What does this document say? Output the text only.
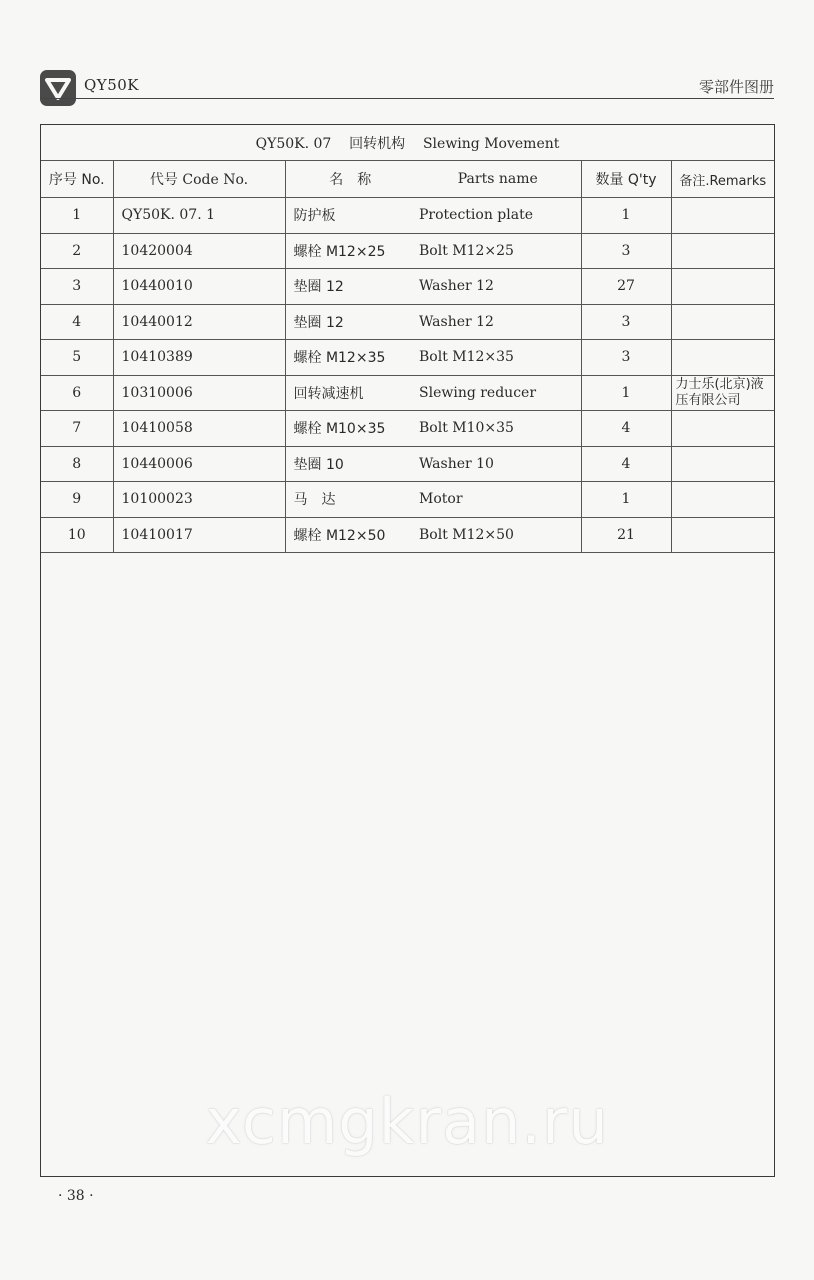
QY50K	零部件图册
QY50K. 07 回转机构 Slewing Movement					
序号 No.	代号 Code No.	名　称	Parts name	数量 Q'ty	备注.Remarks
1	QY50K. 07. 1	防护板	Protection plate	1	
2	10420004	螺栓 M12×25	Bolt M12×25	3	
3	10440010	垫圈 12	Washer 12	27	
4	10440012	垫圈 12	Washer 12	3	
5	10410389	螺栓 M12×35	Bolt M12×35	3	
6	10310006	回转减速机	Slewing reducer	1	力士乐(北京)液压有限公司
7	10410058	螺栓 M10×35	Bolt M10×35	4	
8	10440006	垫圈 10	Washer 10	4	
9	10100023	马　达	Motor	1	
10	10410017	螺栓 M12×50	Bolt M12×50	21	
xcmgkran.ru
· 38 ·
